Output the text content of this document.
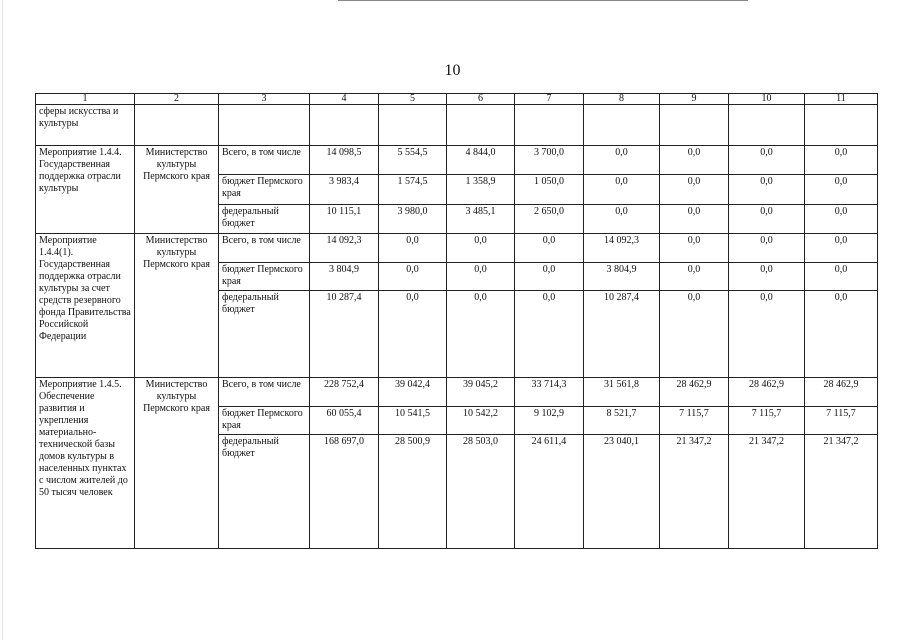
10
1	2	3	4	5	6	7	8	9	10	11
сферы искусства и культуры										
Мероприятие 1.4.4. Государственная поддержка отрасли культуры	Министерство культуры Пермского края	Всего, в том числе	14 098,5	5 554,5	4 844,0	3 700,0	0,0	0,0	0,0	0,0
		бюджет Пермского края	3 983,4	1 574,5	1 358,9	1 050,0	0,0	0,0	0,0	0,0
		федеральный бюджет	10 115,1	3 980,0	3 485,1	2 650,0	0,0	0,0	0,0	0,0
Мероприятие 1.4.4(1). Государственная поддержка отрасли культуры за счет средств резервного фонда Правительства Российской Федерации	Министерство культуры Пермского края	Всего, в том числе	14 092,3	0,0	0,0	0,0	14 092,3	0,0	0,0	0,0
		бюджет Пермского края	3 804,9	0,0	0,0	0,0	3 804,9	0,0	0,0	0,0
		федеральный бюджет	10 287,4	0,0	0,0	0,0	10 287,4	0,0	0,0	0,0
Мероприятие 1.4.5. Обеспечение развития и укрепления материально-технической базы домов культуры в населенных пунктах с числом жителей до 50 тысяч человек	Министерство культуры Пермского края	Всего, в том числе	228 752,4	39 042,4	39 045,2	33 714,3	31 561,8	28 462,9	28 462,9	28 462,9
		бюджет Пермского края	60 055,4	10 541,5	10 542,2	9 102,9	8 521,7	7 115,7	7 115,7	7 115,7
		федеральный бюджет	168 697,0	28 500,9	28 503,0	24 611,4	23 040,1	21 347,2	21 347,2	21 347,2
